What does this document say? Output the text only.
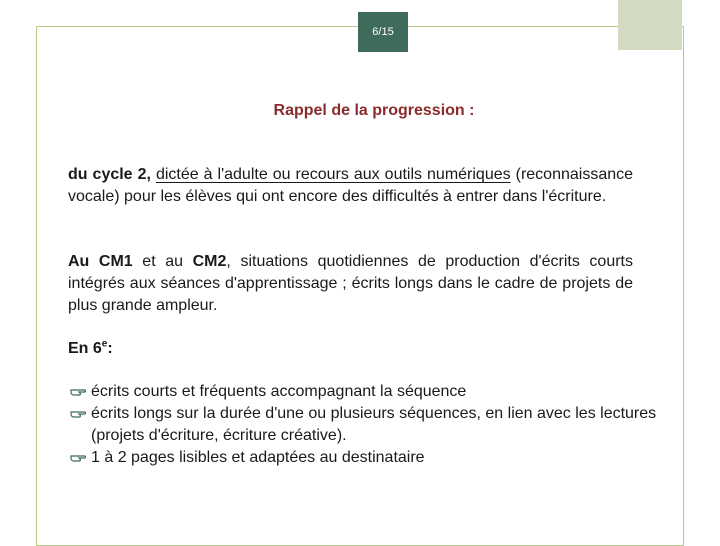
6/15
Rappel de la progression :
du cycle 2, dictée à l'adulte ou recours aux outils numériques (reconnaissance vocale) pour les élèves qui ont encore des difficultés à entrer dans l'écriture.
Au CM1 et au CM2, situations quotidiennes de production d'écrits courts intégrés aux séances d'apprentissage ; écrits longs dans le cadre de projets de plus grande ampleur.
En 6e:
écrits courts et fréquents accompagnant la séquence
écrits longs sur la durée d'une ou plusieurs séquences, en lien avec les lectures (projets d'écriture, écriture créative).
1 à 2 pages lisibles et adaptées au destinataire
